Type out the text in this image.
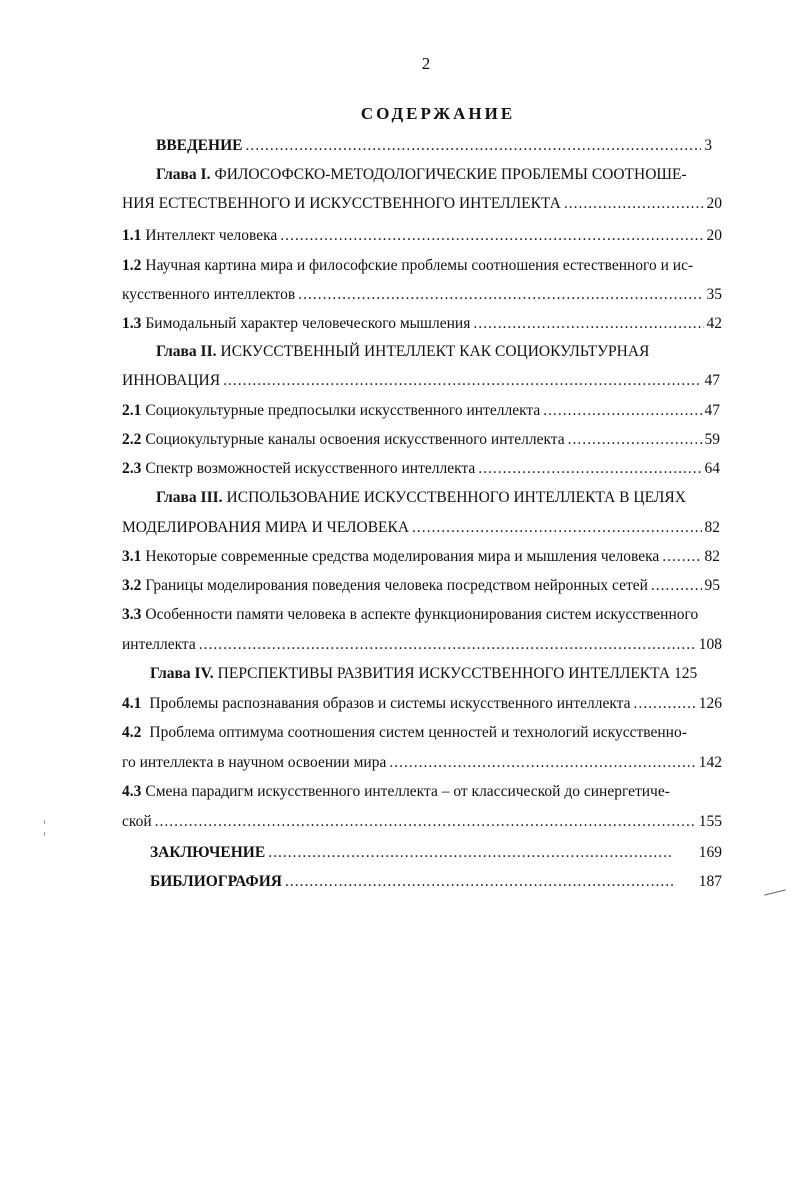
2
СОДЕРЖАНИЕ
ВВЕДЕНИЕ .....	3
Глава I. ФИЛОСОФСКО-МЕТОДОЛОГИЧЕСКИЕ ПРОБЛЕМЫ СООТНОШЕ-
НИЯ ЕСТЕСТВЕННОГО И ИСКУССТВЕННОГО ИНТЕЛЛЕКТА .....	20
1.1 Интеллект человека .....	20
1.2 Научная картина мира и философские проблемы соотношения естественного и ис-
кусственного интеллектов .....	35
1.3 Бимодальный характер человеческого мышления .....	42
Глава II. ИСКУССТВЕННЫЙ ИНТЕЛЛЕКТ КАК СОЦИОКУЛЬТУРНАЯ
ИННОВАЦИЯ .....	47
2.1 Социокультурные предпосылки искусственного интеллекта .....	47
2.2 Социокультурные каналы освоения искусственного интеллекта .....	59
2.3 Спектр возможностей искусственного интеллекта .....	64
Глава III. ИСПОЛЬЗОВАНИЕ ИСКУССТВЕННОГО ИНТЕЛЛЕКТА В ЦЕЛЯХ
МОДЕЛИРОВАНИЯ МИРА И ЧЕЛОВЕКА .....	82
3.1 Некоторые современные средства моделирования мира и мышления человека .....	82
3.2 Границы моделирования поведения человека посредством нейронных сетей .....	95
3.3 Особенности памяти человека в аспекте функционирования систем искусственного
интеллекта .....	108
Глава IV. ПЕРСПЕКТИВЫ РАЗВИТИЯ ИСКУССТВЕННОГО ИНТЕЛЛЕКТА 125
4.1 Проблемы распознавания образов и системы искусственного интеллекта .....	126
4.2 Проблема оптимума соотношения систем ценностей и технологий искусственно-
го интеллекта в научном освоении мира .....	142
4.3 Смена парадигм искусственного интеллекта – от классической до синергетиче-
ской .....	155
ЗАКЛЮЧЕНИЕ .....	169
БИБЛИОГРАФИЯ .....	187
